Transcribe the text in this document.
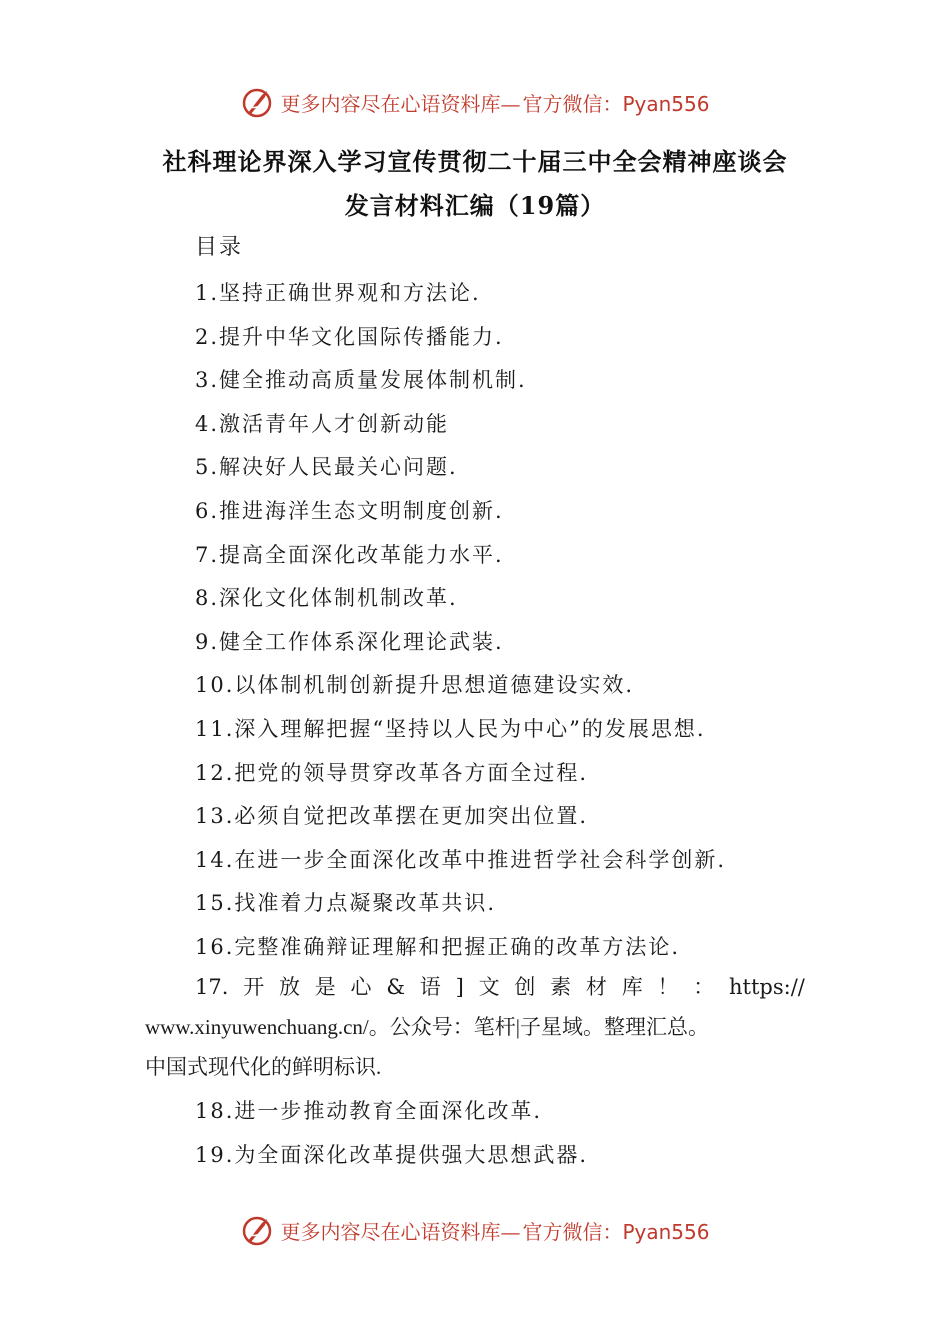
更多内容尽在心语资料库— 官方微信：Pyan556
社科理论界深入学习宣传贯彻二十届三中全会精神座谈会
发言材料汇编（19篇）
目录
1.坚持正确世界观和方法论.
2.提升中华文化国际传播能力.
3.健全推动高质量发展体制机制.
4.激活青年人才创新动能
5.解决好人民最关心问题.
6.推进海洋生态文明制度创新.
7.提高全面深化改革能力水平.
8.深化文化体制机制改革.
9.健全工作体系深化理论武装.
10.以体制机制创新提升思想道德建设实效.
11.深入理解把握“坚持以人民为中心”的发展思想.
12.把党的领导贯穿改革各方面全过程.
13.必须自觉把改革摆在更加突出位置.
14.在进一步全面深化改革中推进哲学社会科学创新.
15.找准着力点凝聚改革共识.
16.完整准确辩证理解和把握正确的改革方法论.
17. 开 放 是 心 & 语 ] 文 创 素 材 库 ！ ： https://
www.xinyuwenchuang.cn/。公众号：笔杆|子星域。整理汇总。
中国式现代化的鲜明标识.
18.进一步推动教育全面深化改革.
19.为全面深化改革提供强大思想武器.
更多内容尽在心语资料库— 官方微信：Pyan556
